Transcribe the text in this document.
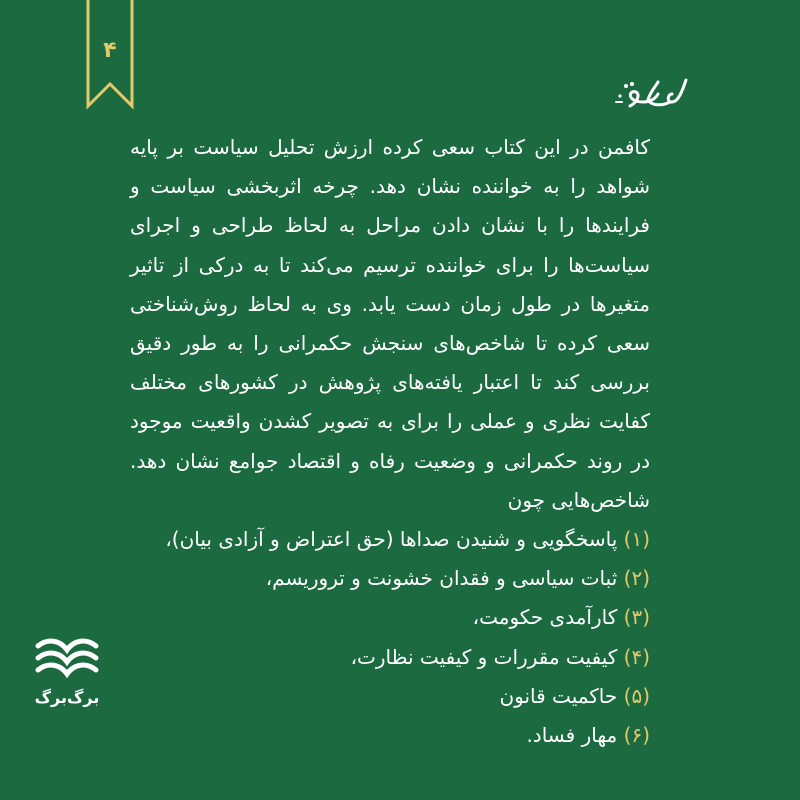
۴

کافمن در این کتاب سعی کرده ارزش تحلیل سیاست بر پایه شواهد را به خواننده نشان دهد. چرخه اثربخشی سیاست و فرایندها را با نشان دادن مراحل به لحاظ طراحی و اجرای سیاست‌ها را برای خواننده ترسیم می‌کند تا به درکی از تاثیر متغیرها در طول زمان دست یابد. وی به لحاظ روش‌شناختی سعی کرده تا شاخص‌های سنجش حکمرانی را به طور دقیق بررسی کند تا اعتبار یافته‌های پژوهش در کشورهای مختلف کفایت نظری و عملی را برای به تصویر کشدن واقعیت موجود در روند حکمرانی و وضعیت رفاه و اقتصاد جوامع نشان دهد. شاخص‌هایی چون

(۱) پاسخگویی و شنیدن صداها (حق اعتراض و آزادی بیان)،
(۲) ثبات سیاسی و فقدان خشونت و تروریسم،
(۳) کارآمدی حکومت،
(۴) کیفیت مقررات و کیفیت نظارت،
(۵) حاکمیت قانون
(۶) مهار فساد.
برگ‌برگ
